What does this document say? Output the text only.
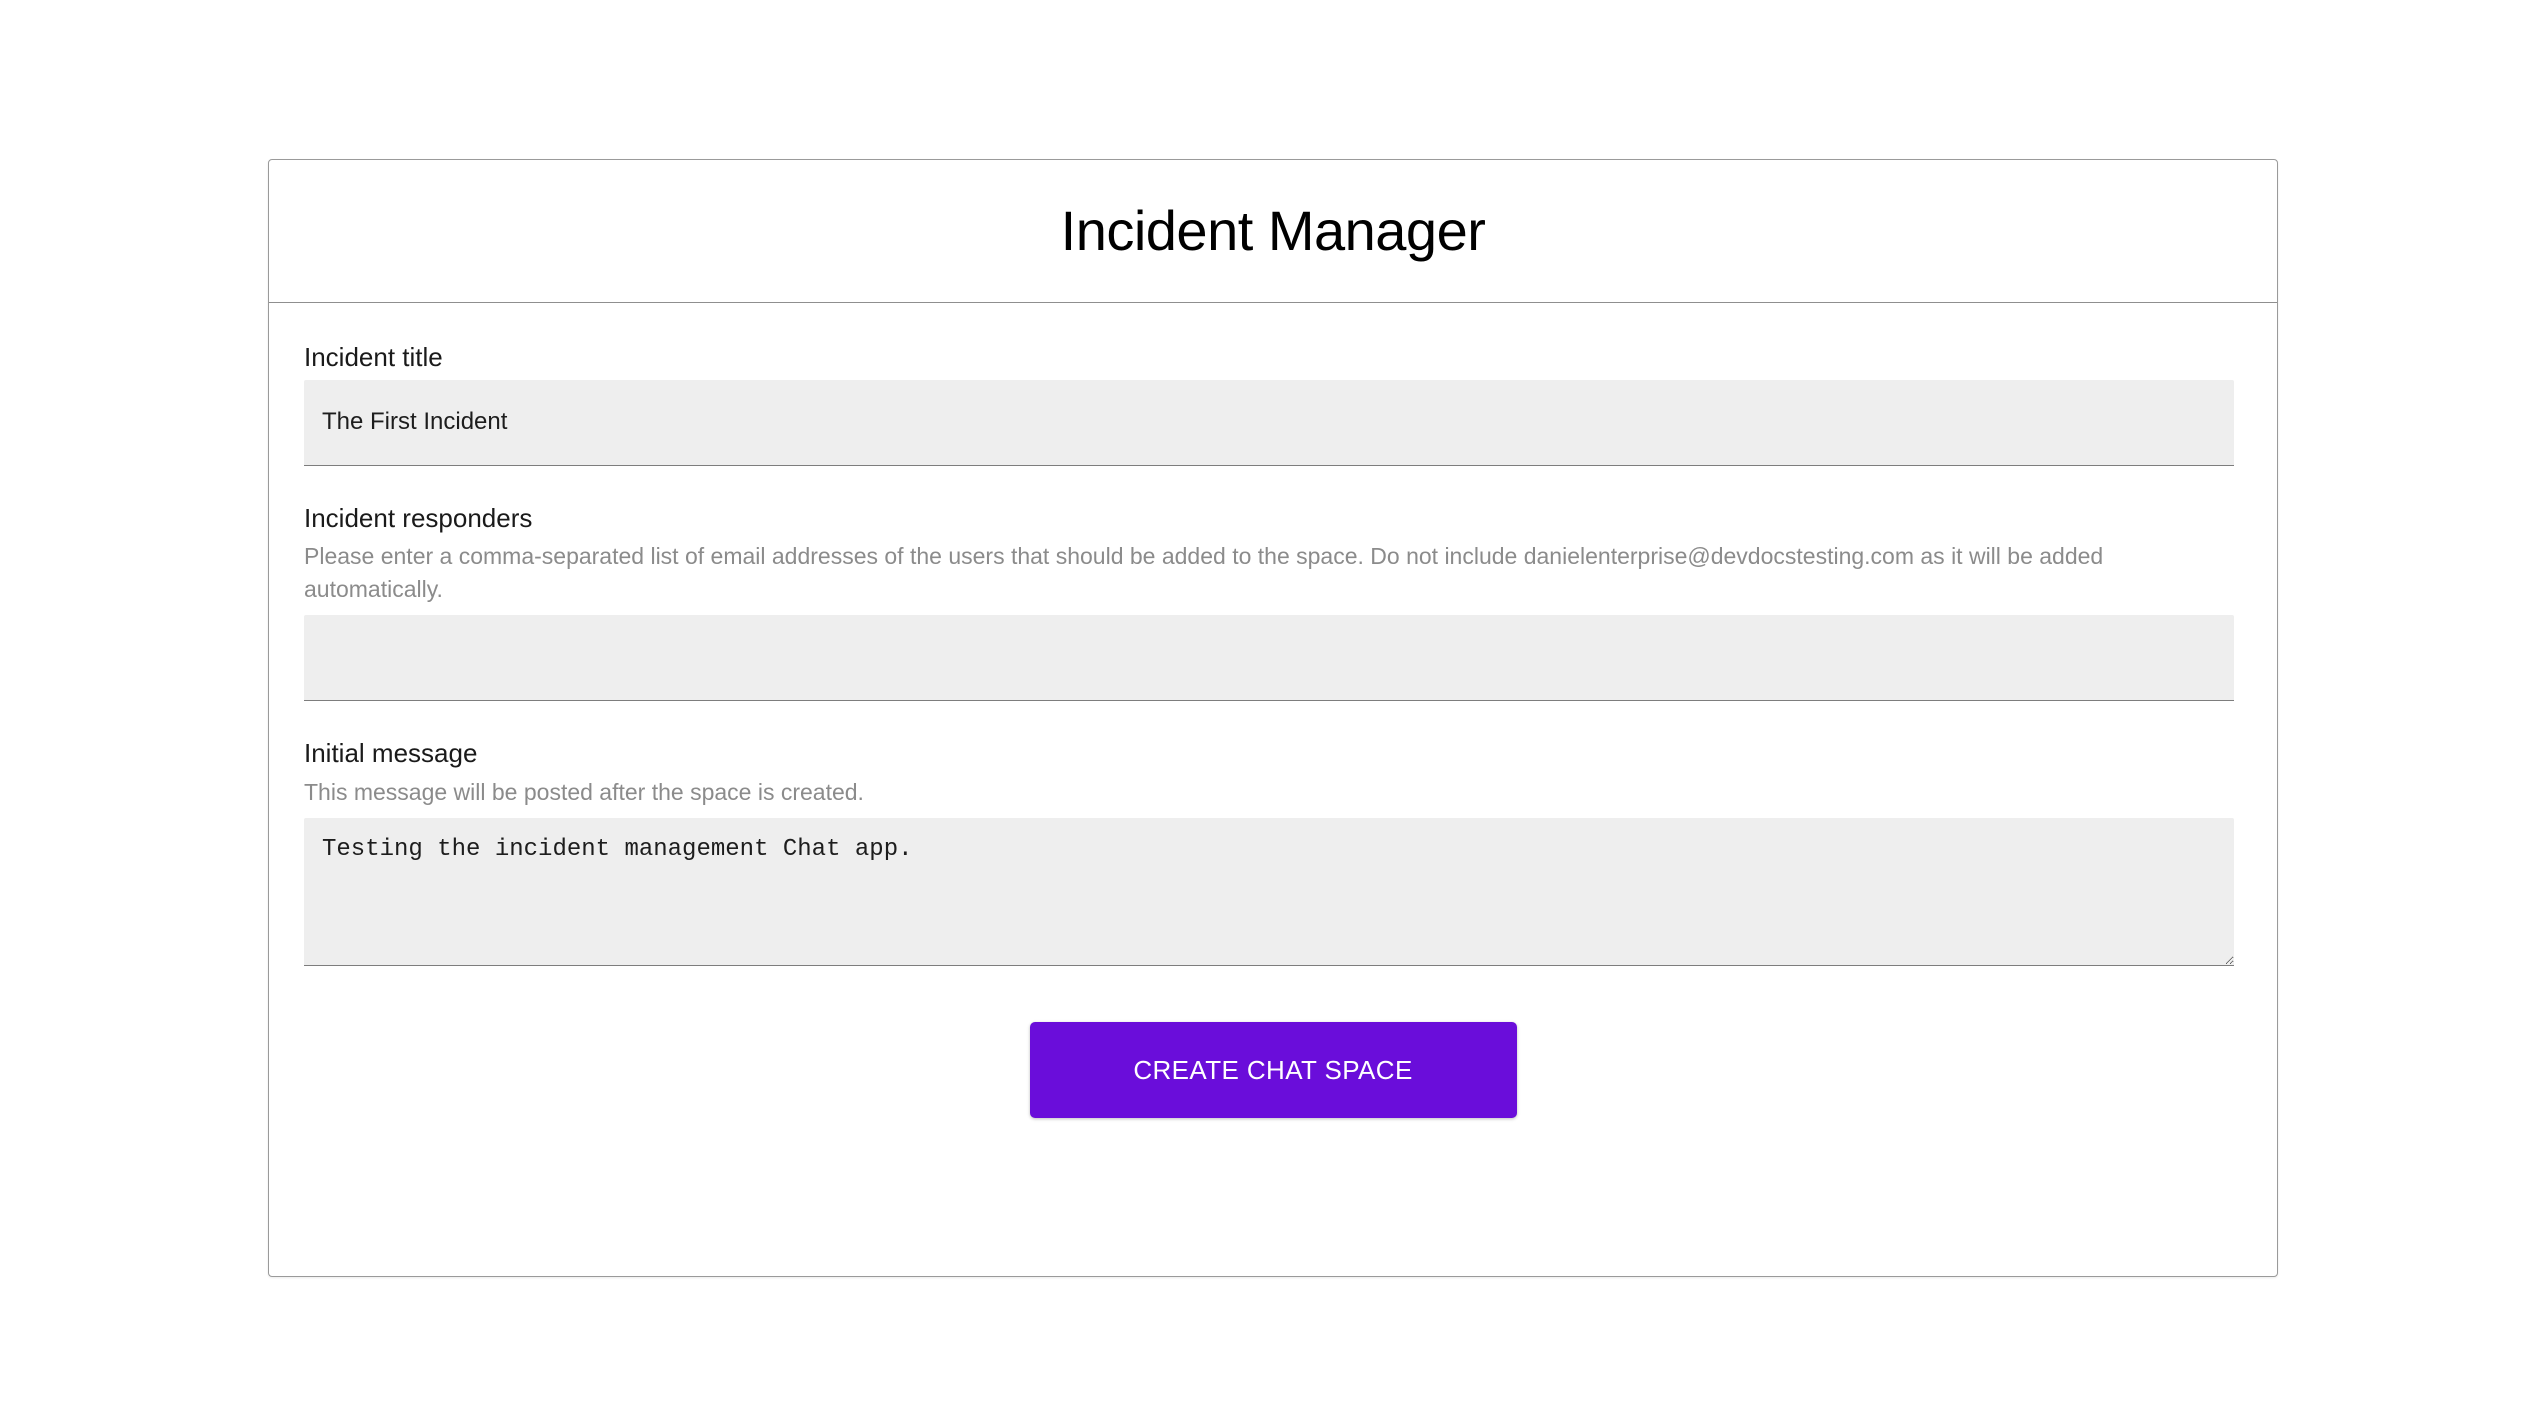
Incident Manager
Incident title
The First Incident
Incident responders
Please enter a comma-separated list of email addresses of the users that should be added to the space. Do not include danielenterprise@devdocstesting.com as it will be added automatically.
Initial message
This message will be posted after the space is created.
Testing the incident management Chat app.
CREATE CHAT SPACE
